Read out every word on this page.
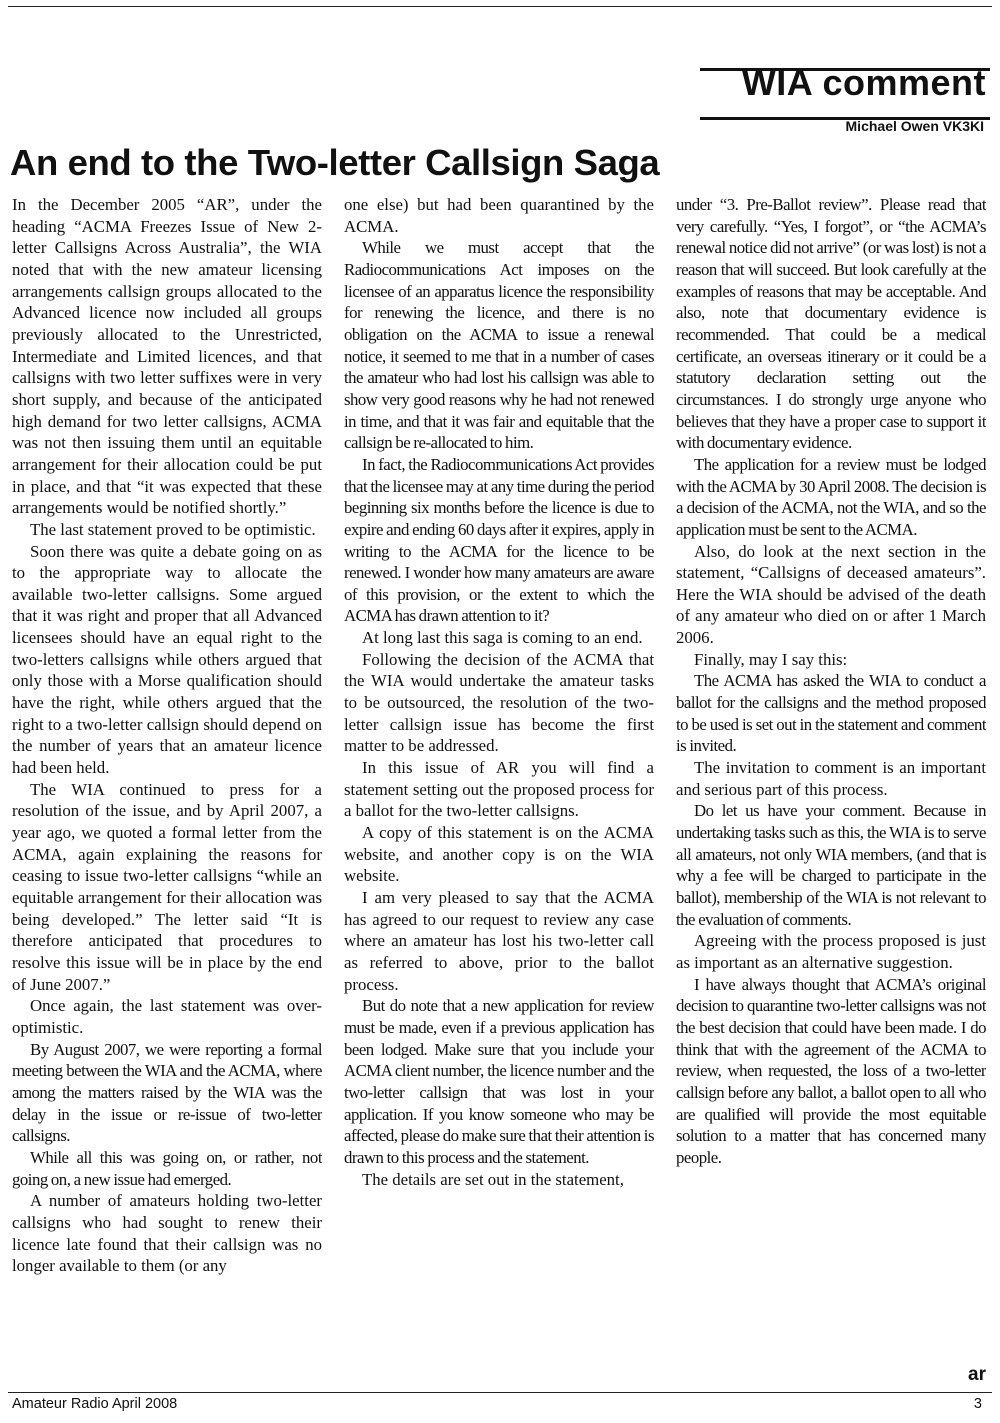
WIA comment
Michael Owen VK3KI
An end to the Two-letter Callsign Saga

In the December 2005 “AR”, under the heading “ACMA Freezes Issue of New 2-letter Callsigns Across Australia”, the WIA noted that with the new amateur licensing arrangements callsign groups allocated to the Advanced licence now included all groups previously allocated to the Unrestricted, Intermediate and Limited licences, and that callsigns with two letter suffixes were in very short supply, and because of the anticipated high demand for two letter callsigns, ACMA was not then issuing them until an equitable arrangement for their allocation could be put in place, and that “it was expected that these arrangements would be notified shortly.”

The last statement proved to be optimistic.

Soon there was quite a debate going on as to the appropriate way to allocate the available two-letter callsigns. Some argued that it was right and proper that all Advanced licensees should have an equal right to the two-letters callsigns while others argued that only those with a Morse qualification should have the right, while others argued that the right to a two-letter callsign should depend on the number of years that an amateur licence had been held.

The WIA continued to press for a resolution of the issue, and by April 2007, a year ago, we quoted a formal letter from the ACMA, again explaining the reasons for ceasing to issue two-letter callsigns “while an equitable arrangement for their allocation was being developed.” The letter said “It is therefore anticipated that procedures to resolve this issue will be in place by the end of June 2007.”

Once again, the last statement was over-optimistic.

By August 2007, we were reporting a formal meeting between the WIA and the ACMA, where among the matters raised by the WIA was the delay in the issue or re-issue of two-letter callsigns.

While all this was going on, or rather, not going on, a new issue had emerged.

A number of amateurs holding two-letter callsigns who had sought to renew their licence late found that their callsign was no longer available to them (or any

one else) but had been quarantined by the ACMA.

While we must accept that the Radiocommunications Act imposes on the licensee of an apparatus licence the responsibility for renewing the licence, and there is no obligation on the ACMA to issue a renewal notice, it seemed to me that in a number of cases the amateur who had lost his callsign was able to show very good reasons why he had not renewed in time, and that it was fair and equitable that the callsign be re-allocated to him.

In fact, the Radiocommunications Act provides that the licensee may at any time during the period beginning six months before the licence is due to expire and ending 60 days after it expires, apply in writing to the ACMA for the licence to be renewed. I wonder how many amateurs are aware of this provision, or the extent to which the ACMA has drawn attention to it?

At long last this saga is coming to an end.

Following the decision of the ACMA that the WIA would undertake the amateur tasks to be outsourced, the resolution of the two-letter callsign issue has become the first matter to be addressed.

In this issue of AR you will find a statement setting out the proposed process for a ballot for the two-letter callsigns.

A copy of this statement is on the ACMA website, and another copy is on the WIA website.

I am very pleased to say that the ACMA has agreed to our request to review any case where an amateur has lost his two-letter call as referred to above, prior to the ballot process.

But do note that a new application for review must be made, even if a previous application has been lodged. Make sure that you include your ACMA client number, the licence number and the two-letter callsign that was lost in your application. If you know someone who may be affected, please do make sure that their attention is drawn to this process and the statement.

The details are set out in the statement,

under “3. Pre-Ballot review”. Please read that very carefully. “Yes, I forgot”, or “the ACMA’s renewal notice did not arrive” (or was lost) is not a reason that will succeed. But look carefully at the examples of reasons that may be acceptable. And also, note that documentary evidence is recommended. That could be a medical certificate, an overseas itinerary or it could be a statutory declaration setting out the circumstances. I do strongly urge anyone who believes that they have a proper case to support it with documentary evidence.

The application for a review must be lodged with the ACMA by 30 April 2008. The decision is a decision of the ACMA, not the WIA, and so the application must be sent to the ACMA.

Also, do look at the next section in the statement, “Callsigns of deceased amateurs”. Here the WIA should be advised of the death of any amateur who died on or after 1 March 2006.

Finally, may I say this:

The ACMA has asked the WIA to conduct a ballot for the callsigns and the method proposed to be used is set out in the statement and comment is invited.

The invitation to comment is an important and serious part of this process.

Do let us have your comment. Because in undertaking tasks such as this, the WIA is to serve all amateurs, not only WIA members, (and that is why a fee will be charged to participate in the ballot), membership of the WIA is not relevant to the evaluation of comments.

Agreeing with the process proposed is just as important as an alternative suggestion.

I have always thought that ACMA’s original decision to quarantine two-letter callsigns was not the best decision that could have been made. I do think that with the agreement of the ACMA to review, when requested, the loss of a two-letter callsign before any ballot, a ballot open to all who are qualified will provide the most equitable solution to a matter that has concerned many people.

ar
Amateur Radio April 2008	3
